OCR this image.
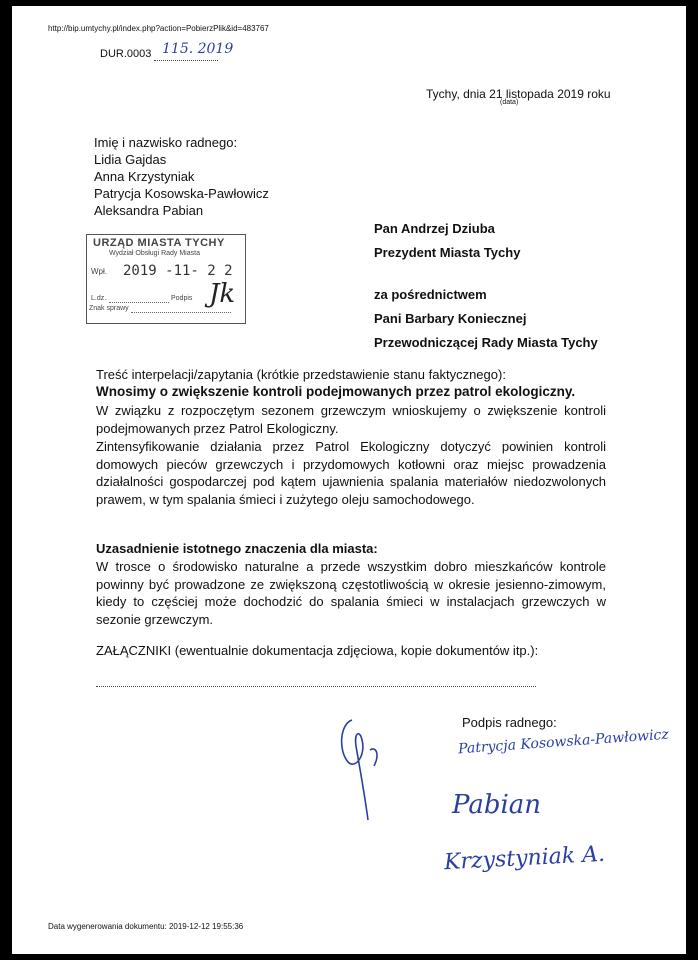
http://bip.umtychy.pl/index.php?action=PobierzPlik&id=483767
DUR.0003 115. 2019
Tychy, dnia 21 listopada 2019 roku
(data)
Imię i nazwisko radnego:
Lidia Gajdas
Anna Krzystyniak
Patrycja Kosowska-Pawłowicz
Aleksandra Pabian
Pan Andrzej Dziuba
Prezydent Miasta Tychy
za pośrednictwem
Pani Barbary Koniecznej
Przewodniczącej Rady Miasta Tychy
URZĄD MIASTA TYCHY
Wydział Obsługi Rady Miasta
Wpł. 2019 -11- 2 2
L.dz.	Podpis
Znak sprawy	Jk
Treść interpelacji/zapytania (krótkie przedstawienie stanu faktycznego):
Wnosimy o zwiększenie kontroli podejmowanych przez patrol ekologiczny.
W związku z rozpoczętym sezonem grzewczym wnioskujemy o zwiększenie kontroli podejmowanych przez Patrol Ekologiczny.
Zintensyfikowanie działania przez Patrol Ekologiczny dotyczyć powinien kontroli domowych pieców grzewczych i przydomowych kotłowni oraz miejsc prowadzenia działalności gospodarczej pod kątem ujawnienia spalania materiałów niedozwolonych prawem, w tym spalania śmieci i zużytego oleju samochodowego.
Uzasadnienie istotnego znaczenia dla miasta:
W trosce o środowisko naturalne a przede wszystkim dobro mieszkańców kontrole powinny być prowadzone ze zwiększoną częstotliwością w okresie jesienno-zimowym, kiedy to częściej może dochodzić do spalania śmieci w instalacjach grzewczych w sezonie grzewczym.
ZAŁĄCZNIKI (ewentualnie dokumentacja zdjęciowa, kopie dokumentów itp.):
Podpis radnego:
Patrycja Kosowska-Pawłowicz
Pabian
Krzystyniak A.
Data wygenerowania dokumentu: 2019-12-12 19:55:36
